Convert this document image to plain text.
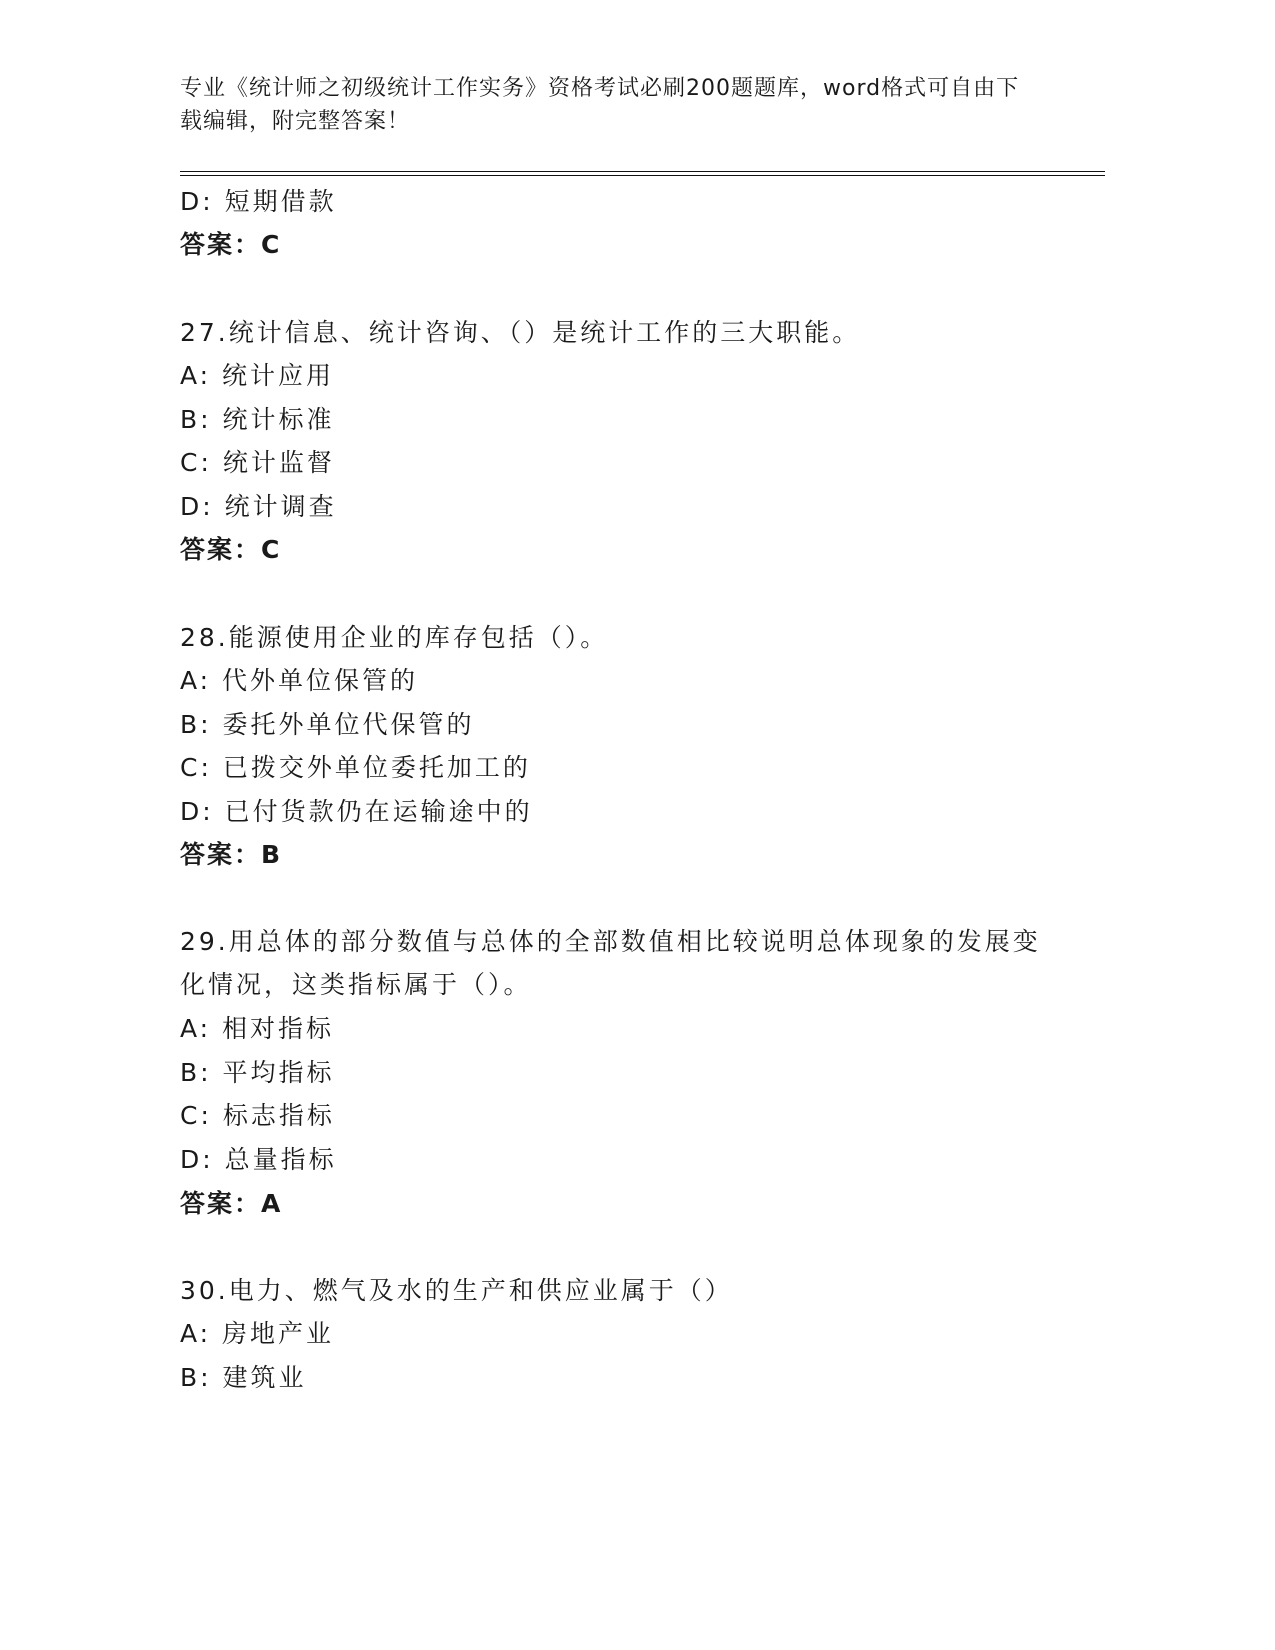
专业《统计师之初级统计工作实务》资格考试必刷200题题库，word格式可自由下载编辑，附完整答案！
D: 短期借款
答案：C
27.统计信息、统计咨询、（）是统计工作的三大职能。
A: 统计应用
B: 统计标准
C: 统计监督
D: 统计调查
答案：C
28.能源使用企业的库存包括（）。
A: 代外单位保管的
B: 委托外单位代保管的
C: 已拨交外单位委托加工的
D: 已付货款仍在运输途中的
答案：B
29.用总体的部分数值与总体的全部数值相比较说明总体现象的发展变化情况，这类指标属于（）。
A: 相对指标
B: 平均指标
C: 标志指标
D: 总量指标
答案：A
30.电力、燃气及水的生产和供应业属于（）
A: 房地产业
B: 建筑业
